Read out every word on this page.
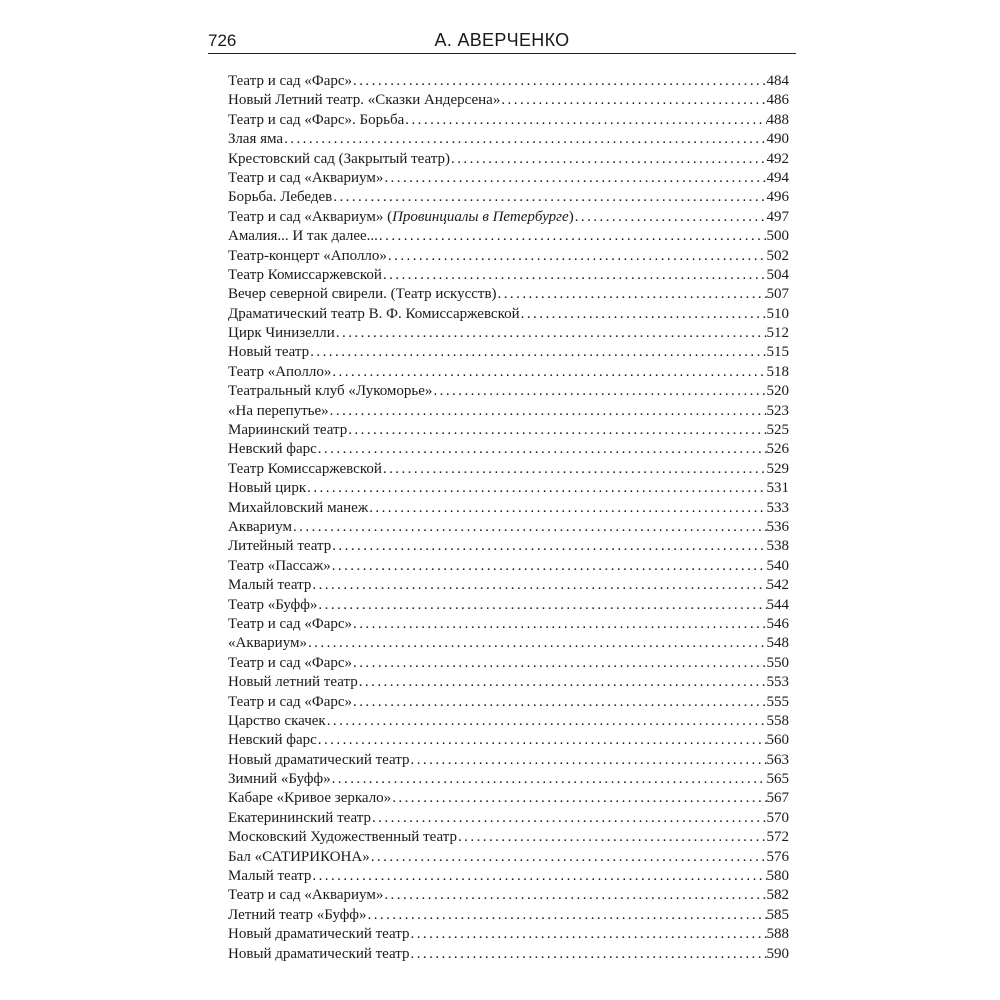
726	А. АВЕРЧЕНКО
Театр и сад «Фарс» . . .	484
Новый Летний театр. «Сказки Андерсена» . . .	486
Театр и сад «Фарс». Борьба . . .	488
Злая яма . . .	490
Крестовский сад (Закрытый театр) . . .	492
Театр и сад «Аквариум» . . .	494
Борьба. Лебедев . . .	496
Театр и сад «Аквариум» (Провинциалы в Петербурге) . . .	497
Амалия... И так далее... . . .	500
Театр-концерт «Аполло» . . .	502
Театр Комиссаржевской . . .	504
Вечер северной свирели. (Театр искусств) . . .	507
Драматический театр В. Ф. Комиссаржевской . . .	510
Цирк Чинизелли . . .	512
Новый театр . . .	515
Театр «Аполло» . . .	518
Театральный клуб «Лукоморье» . . .	520
«На перепутье» . . .	523
Мариинский театр . . .	525
Невский фарс . . .	526
Театр Комиссаржевской . . .	529
Новый цирк . . .	531
Михайловский манеж . . .	533
Аквариум . . .	536
Литейный театр . . .	538
Театр «Пассаж» . . .	540
Малый театр . . .	542
Театр «Буфф» . . .	544
Театр и сад «Фарс» . . .	546
«Аквариум» . . .	548
Театр и сад «Фарс» . . .	550
Новый летний театр . . .	553
Театр и сад «Фарс» . . .	555
Царство скачек . . .	558
Невский фарс . . .	560
Новый драматический театр . . .	563
Зимний «Буфф» . . .	565
Кабаре «Кривое зеркало» . . .	567
Екатерининский театр . . .	570
Московский Художественный театр . . .	572
Бал «САТИРИКОНА» . . .	576
Малый театр . . .	580
Театр и сад «Аквариум» . . .	582
Летний театр «Буфф» . . .	585
Новый драматический театр . . .	588
Новый драматический театр . . .	590
